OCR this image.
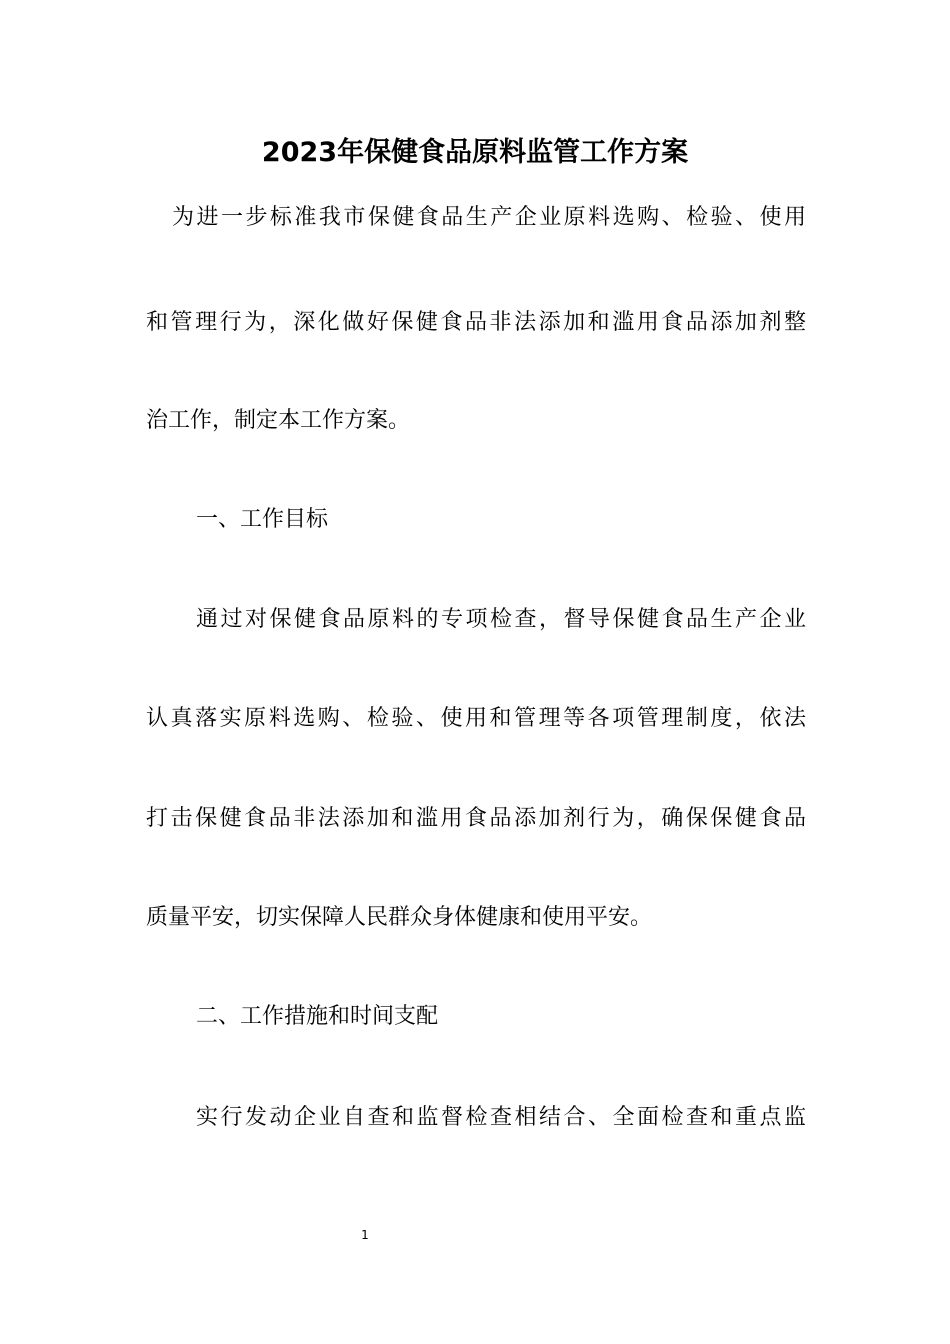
2023年保健食品原料监管工作方案
为进一步标准我市保健食品生产企业原料选购、检验、使用
和管理行为，深化做好保健食品非法添加和滥用食品添加剂整
治工作，制定本工作方案。
一、工作目标
通过对保健食品原料的专项检查，督导保健食品生产企业
认真落实原料选购、检验、使用和管理等各项管理制度，依法
打击保健食品非法添加和滥用食品添加剂行为，确保保健食品
质量平安，切实保障人民群众身体健康和使用平安。
二、工作措施和时间支配
实行发动企业自查和监督检查相结合、全面检查和重点监
1
